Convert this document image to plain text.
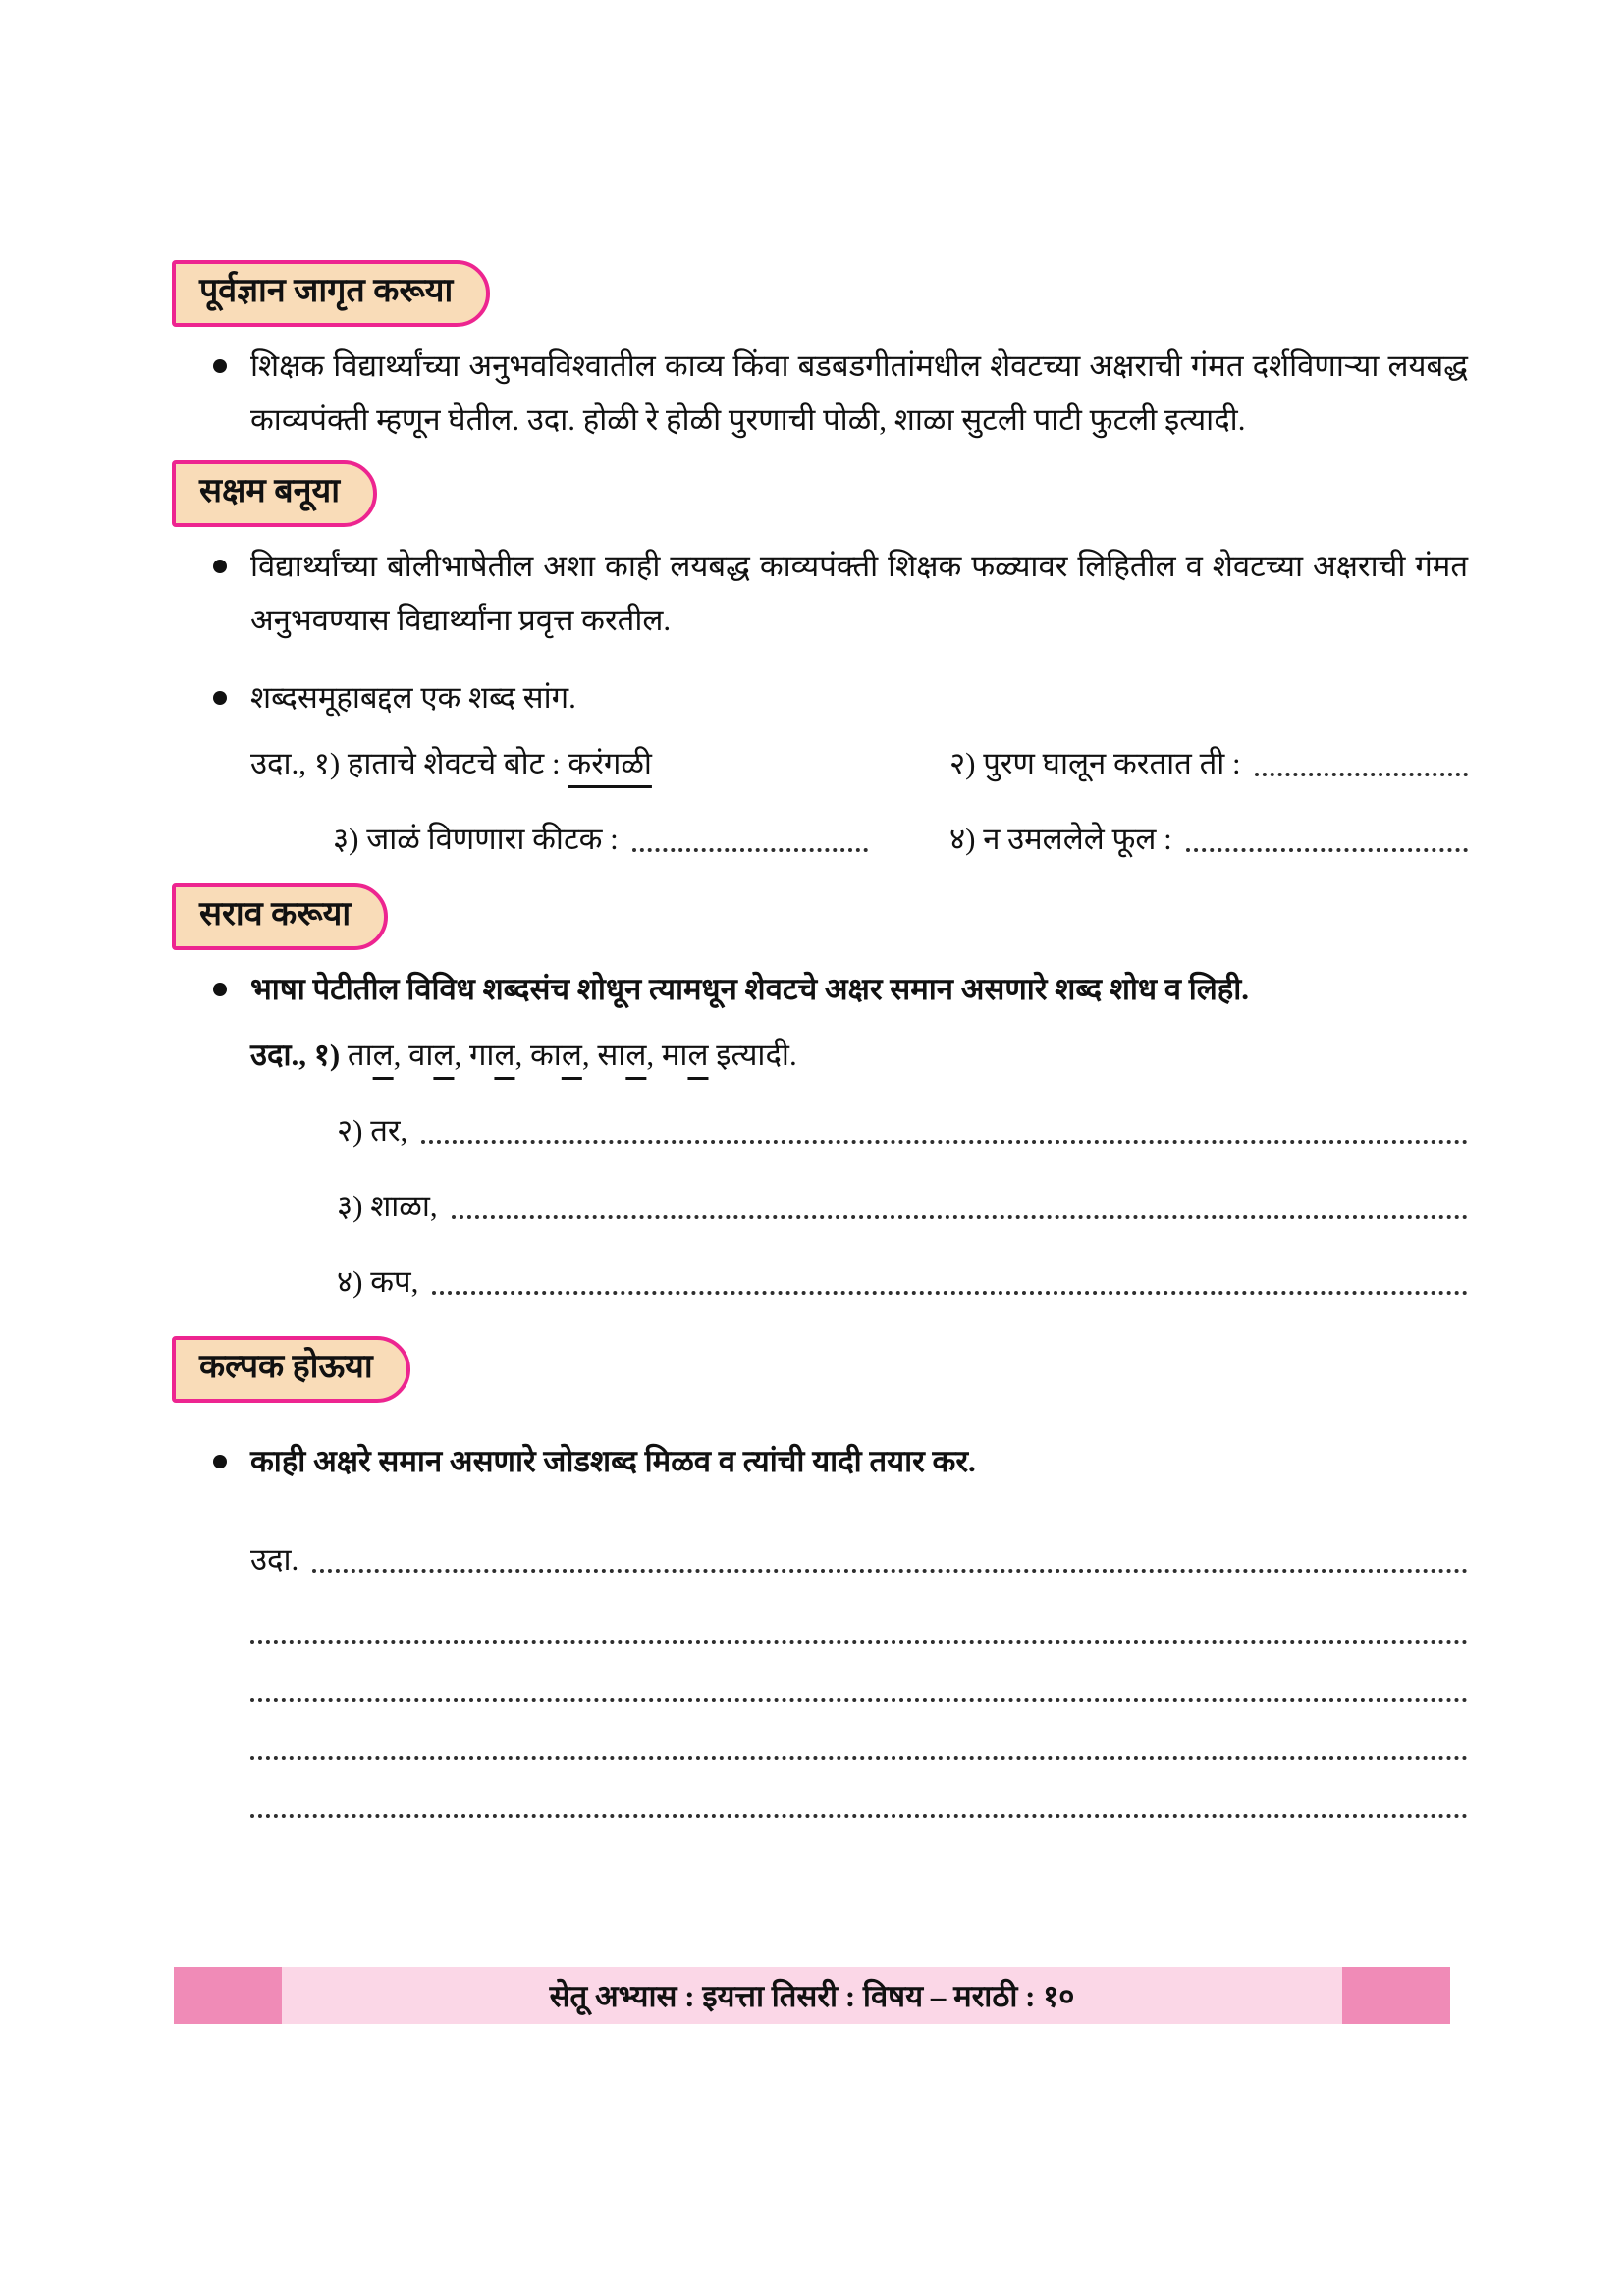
पूर्वज्ञान जागृत करूया

शिक्षक विद्यार्थ्यांच्या अनुभवविश्वातील काव्य किंवा बडबडगीतांमधील शेवटच्या अक्षराची गंमत दर्शविणाऱ्या लयबद्ध काव्यपंक्ती म्हणून घेतील. उदा. होळी रे होळी पुरणाची पोळी, शाळा सुटली पाटी फुटली इत्यादी.

सक्षम बनूया

विद्यार्थ्यांच्या बोलीभाषेतील अशा काही लयबद्ध काव्यपंक्ती शिक्षक फळ्यावर लिहितील व शेवटच्या अक्षराची गंमत अनुभवण्यास विद्यार्थ्यांना प्रवृत्त करतील.

शब्दसमूहाबद्दल एक शब्द सांग.

उदा., १) हाताचे शेवटचे बोट : करंगळी	२) पुरण घालून करतात ती :
३) जाळं विणणारा कीटक :	४) न उमललेले फूल :
सराव करूया

भाषा पेटीतील विविध शब्दसंच शोधून त्यामधून शेवटचे अक्षर समान असणारे शब्द शोध व लिही.

उदा., १) ताल, वाल, गाल, काल, साल, माल इत्यादी.
२) तर,
३) शाळा,
४) कप,
कल्पक होऊया

काही अक्षरे समान असणारे जोडशब्द मिळव व त्यांची यादी तयार कर.

उदा.
सेतू अभ्यास : इयत्ता तिसरी : विषय – मराठी : १०
